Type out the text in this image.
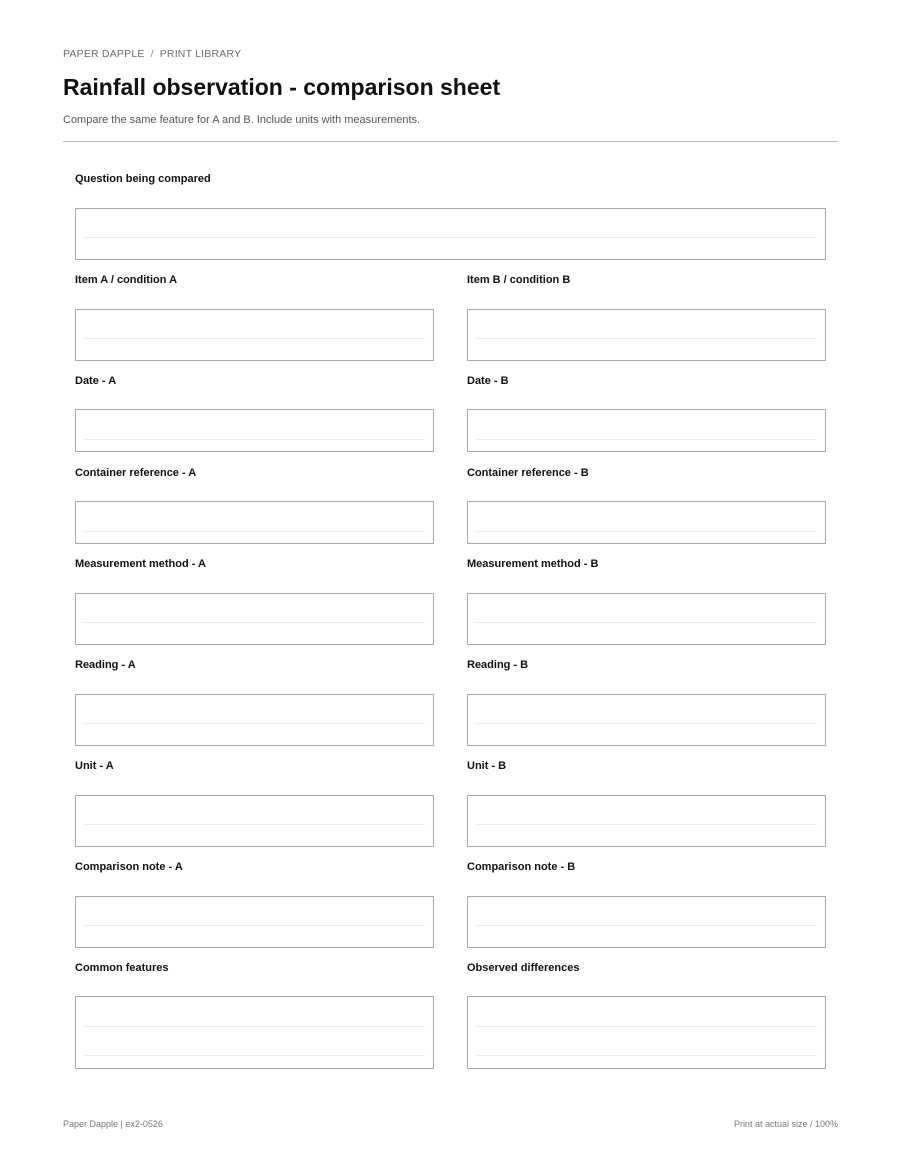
PAPER DAPPLE / PRINT LIBRARY
Rainfall observation - comparison sheet
Compare the same feature for A and B. Include units with measurements.
Question being compared
Item A / condition A	Item B / condition B
Date - A	Date - B
Container reference - A	Container reference - B
Measurement method - A	Measurement method - B
Reading - A	Reading - B
Unit - A	Unit - B
Comparison note - A	Comparison note - B
Common features	Observed differences
Paper Dapple | ex2-0526	Print at actual size / 100%
